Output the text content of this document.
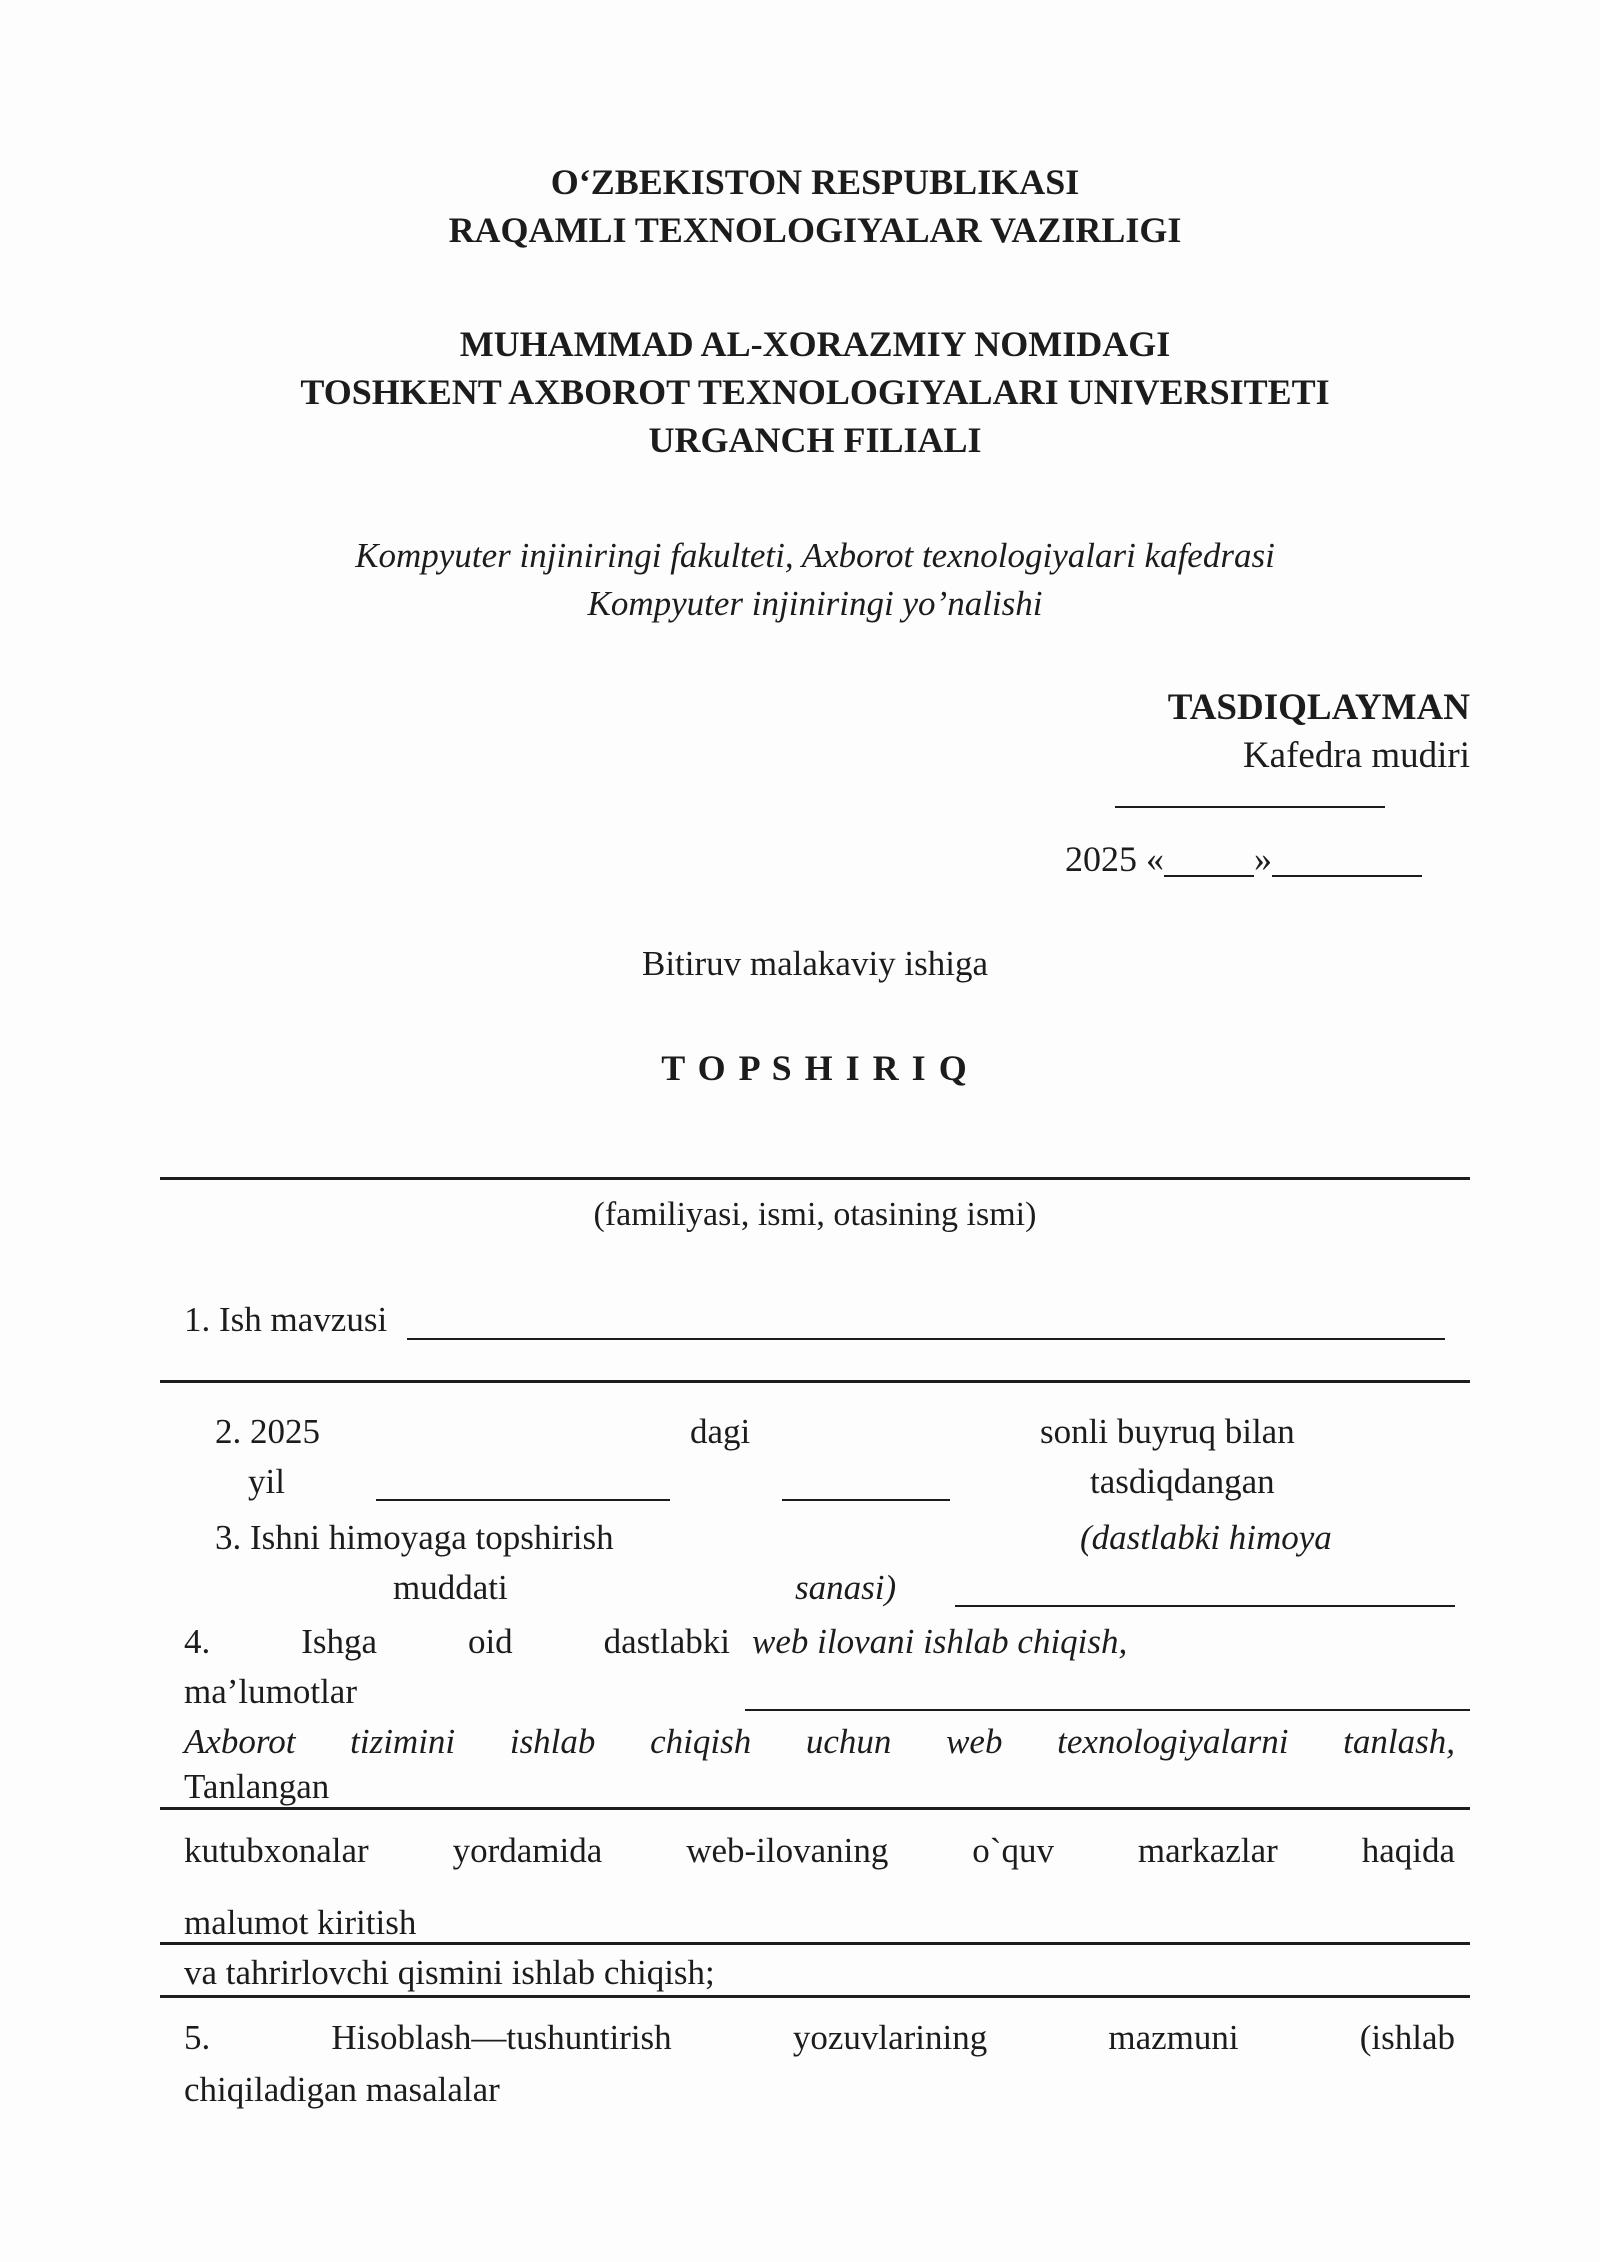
O‘ZBEKISTON RESPUBLIKASI
RAQAMLI TEXNOLOGIYALAR VAZIRLIGI
MUHAMMAD AL-XORAZMIY NOMIDAGI
TOSHKENT AXBOROT TEXNOLOGIYALARI UNIVERSITETI
URGANCH FILIALI
Kompyuter injiniringi fakulteti, Axborot texnologiyalari kafedrasi
Kompyuter injiniringi yo’nalishi
TASDIQLAYMAN
Kafedra mudiri
2025 «	»
Bitiruv malakaviy ishiga
T O P S H I R I Q
(familiyasi, ismi, otasining ismi)
1. Ish mavzusi
2. 2025	dagi	sonli buyruq bilan
yil	tasdiqdangan
3. Ishni himoyaga topshirish	(dastlabki himoya
muddati	sanasi)
4. Ishga oid dastlabki web ilovani ishlab chiqish,
ma’lumotlar
Axborot tizimini ishlab chiqish uchun web texnologiyalarni tanlash,
Tanlangan
kutubxonalar yordamida web-ilovaning o`quv markazlar haqida
malumot kiritish
va tahrirlovchi qismini ishlab chiqish;
5. Hisoblash—tushuntirish yozuvlarining mazmuni (ishlab
chiqiladigan masalalar
